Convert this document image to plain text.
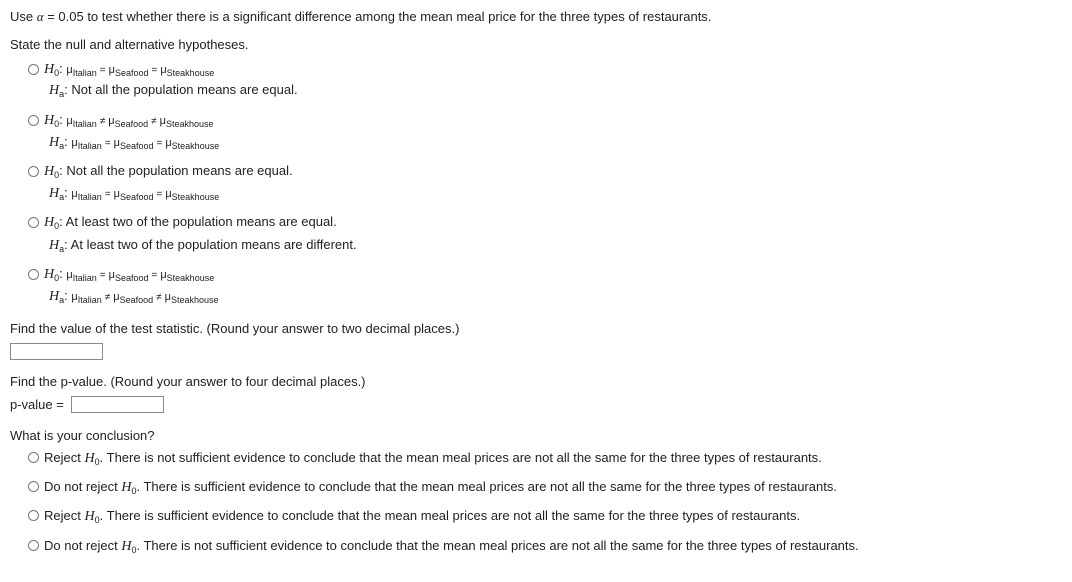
Use α = 0.05 to test whether there is a significant difference among the mean meal price for the three types of restaurants.
State the null and alternative hypotheses.
$H_0$: $\mu_{Italian} = \mu_{Seafood} = \mu_{Steakhouse}$
$H_a$: Not all the population means are equal.
$H_0$: $\mu_{Italian} \ne \mu_{Seafood} \ne \mu_{Steakhouse}$
$H_a$: $\mu_{Italian} = \mu_{Seafood} = \mu_{Steakhouse}$
$H_0$: Not all the population means are equal.
$H_a$: $\mu_{Italian} = \mu_{Seafood} = \mu_{Steakhouse}$
$H_0$: At least two of the population means are equal.
$H_a$: At least two of the population means are different.
$H_0$: $\mu_{Italian} = \mu_{Seafood} = \mu_{Steakhouse}$
$H_a$: $\mu_{Italian} \ne \mu_{Seafood} \ne \mu_{Steakhouse}$
Find the value of the test statistic. (Round your answer to two decimal places.)
Find the p-value. (Round your answer to four decimal places.)
p-value =
What is your conclusion?
Reject $H_0$. There is not sufficient evidence to conclude that the mean meal prices are not all the same for the three types of restaurants.
Do not reject $H_0$. There is sufficient evidence to conclude that the mean meal prices are not all the same for the three types of restaurants.
Reject $H_0$. There is sufficient evidence to conclude that the mean meal prices are not all the same for the three types of restaurants.
Do not reject $H_0$. There is not sufficient evidence to conclude that the mean meal prices are not all the same for the three types of restaurants.
